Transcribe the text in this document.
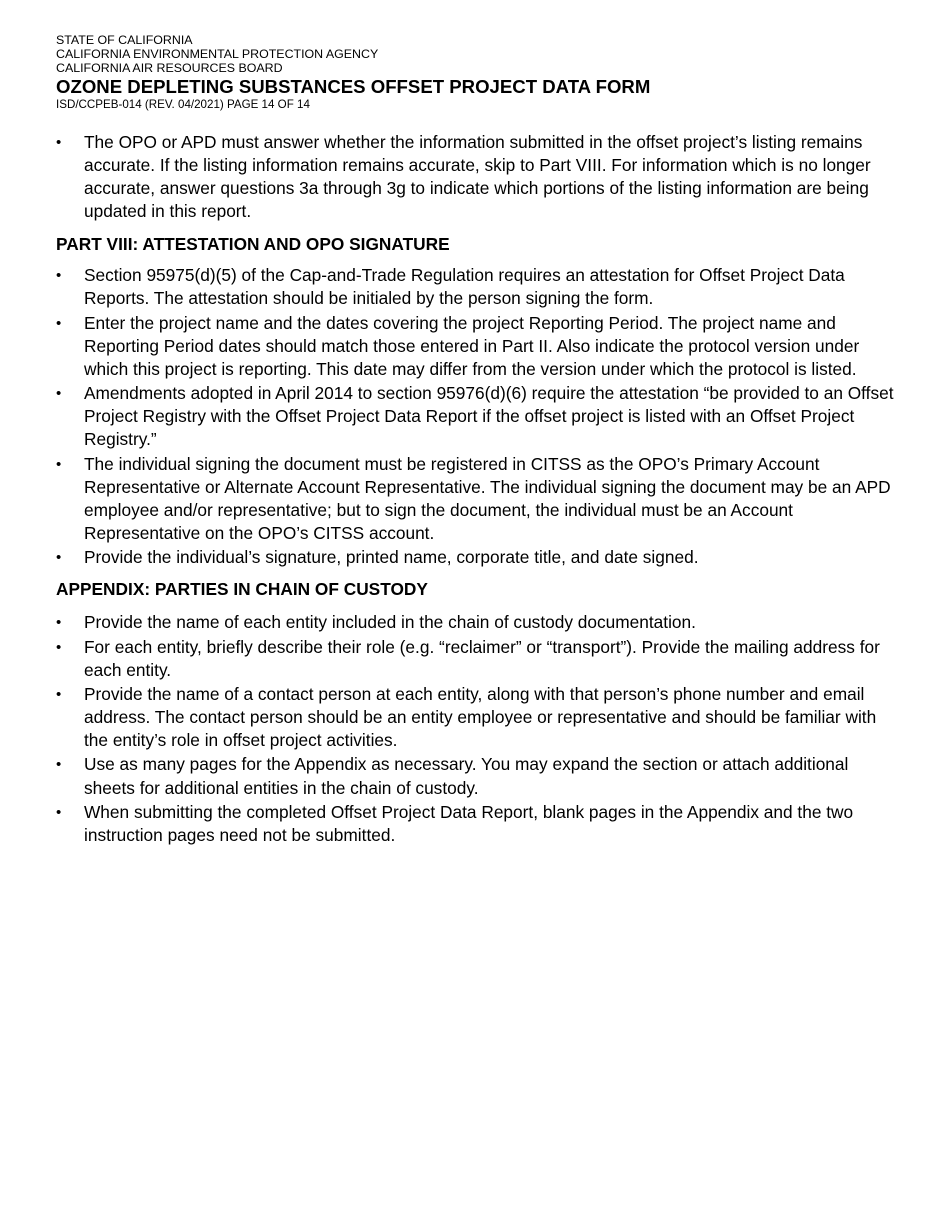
STATE OF CALIFORNIA

CALIFORNIA ENVIRONMENTAL PROTECTION AGENCY

CALIFORNIA AIR RESOURCES BOARD

OZONE DEPLETING SUBSTANCES OFFSET PROJECT DATA FORM

ISD/CCPEB-014 (REV. 04/2021) PAGE 14 OF 14

•	The OPO or APD must answer whether the information submitted in the offset project’s listing remains accurate. If the listing information remains accurate, skip to Part VIII. For information which is no longer accurate, answer questions 3a through 3g to indicate which portions of the listing information are being updated in this report.
PART VIII: ATTESTATION AND OPO SIGNATURE
•	Section 95975(d)(5) of the Cap-and-Trade Regulation requires an attestation for Offset Project Data Reports. The attestation should be initialed by the person signing the form.
•	Enter the project name and the dates covering the project Reporting Period. The project name and Reporting Period dates should match those entered in Part II. Also indicate the protocol version under which this project is reporting. This date may differ from the version under which the protocol is listed.
•	Amendments adopted in April 2014 to section 95976(d)(6) require the attestation “be provided to an Offset Project Registry with the Offset Project Data Report if the offset project is listed with an Offset Project Registry.”
•	The individual signing the document must be registered in CITSS as the OPO’s Primary Account Representative or Alternate Account Representative. The individual signing the document may be an APD employee and/or representative; but to sign the document, the individual must be an Account Representative on the OPO’s CITSS account.
•	Provide the individual’s signature, printed name, corporate title, and date signed.
APPENDIX: PARTIES IN CHAIN OF CUSTODY
•	Provide the name of each entity included in the chain of custody documentation.
•	For each entity, briefly describe their role (e.g. “reclaimer” or “transport”). Provide the mailing address for each entity.
•	Provide the name of a contact person at each entity, along with that person’s phone number and email address. The contact person should be an entity employee or representative and should be familiar with the entity’s role in offset project activities.
•	Use as many pages for the Appendix as necessary. You may expand the section or attach additional sheets for additional entities in the chain of custody.
•	When submitting the completed Offset Project Data Report, blank pages in the Appendix and the two instruction pages need not be submitted.
